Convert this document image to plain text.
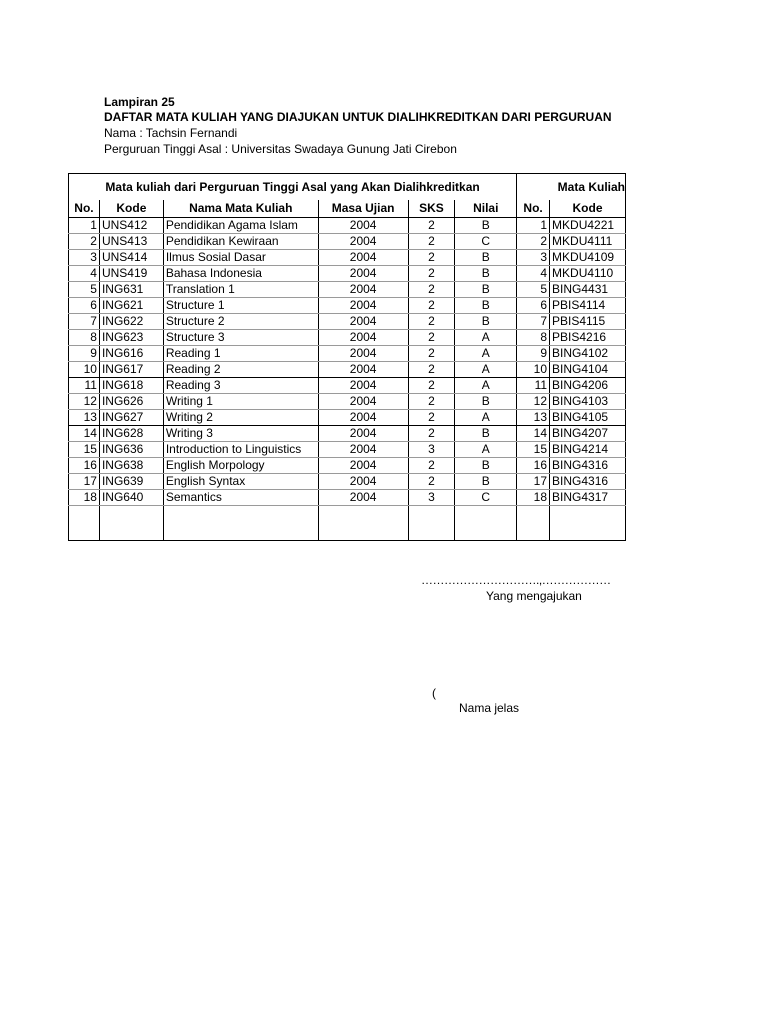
Lampiran 25
DAFTAR MATA KULIAH YANG DIAJUKAN UNTUK DIALIHKREDITKAN DARI PERGURUAN
Nama : Tachsin Fernandi
Perguruan Tinggi Asal : Universitas Swadaya Gunung Jati Cirebon
Mata kuliah dari Perguruan Tinggi Asal yang Akan Dialihkreditkan						Mata Kuliah	
No.	Kode	Nama Mata Kuliah	Masa Ujian	SKS	Nilai	No.	Kode
1	UNS412	Pendidikan Agama Islam	2004	2	B	1	MKDU4221
2	UNS413	Pendidikan Kewiraan	2004	2	C	2	MKDU4111
3	UNS414	Ilmus Sosial Dasar	2004	2	B	3	MKDU4109
4	UNS419	Bahasa Indonesia	2004	2	B	4	MKDU4110
5	ING631	Translation 1	2004	2	B	5	BING4431
6	ING621	Structure 1	2004	2	B	6	PBIS4114
7	ING622	Structure 2	2004	2	B	7	PBIS4115
8	ING623	Structure 3	2004	2	A	8	PBIS4216
9	ING616	Reading 1	2004	2	A	9	BING4102
10	ING617	Reading 2	2004	2	A	10	BING4104
11	ING618	Reading 3	2004	2	A	11	BING4206
12	ING626	Writing 1	2004	2	B	12	BING4103
13	ING627	Writing 2	2004	2	A	13	BING4105
14	ING628	Writing 3	2004	2	B	14	BING4207
15	ING636	Introduction to Linguistics	2004	3	A	15	BING4214
16	ING638	English Morpology	2004	2	B	16	BING4316
17	ING639	English Syntax	2004	2	B	17	BING4316
18	ING640	Semantics	2004	3	C	18	BING4317

………………………….,………………
Yang mengajukan
(
Nama jelas
